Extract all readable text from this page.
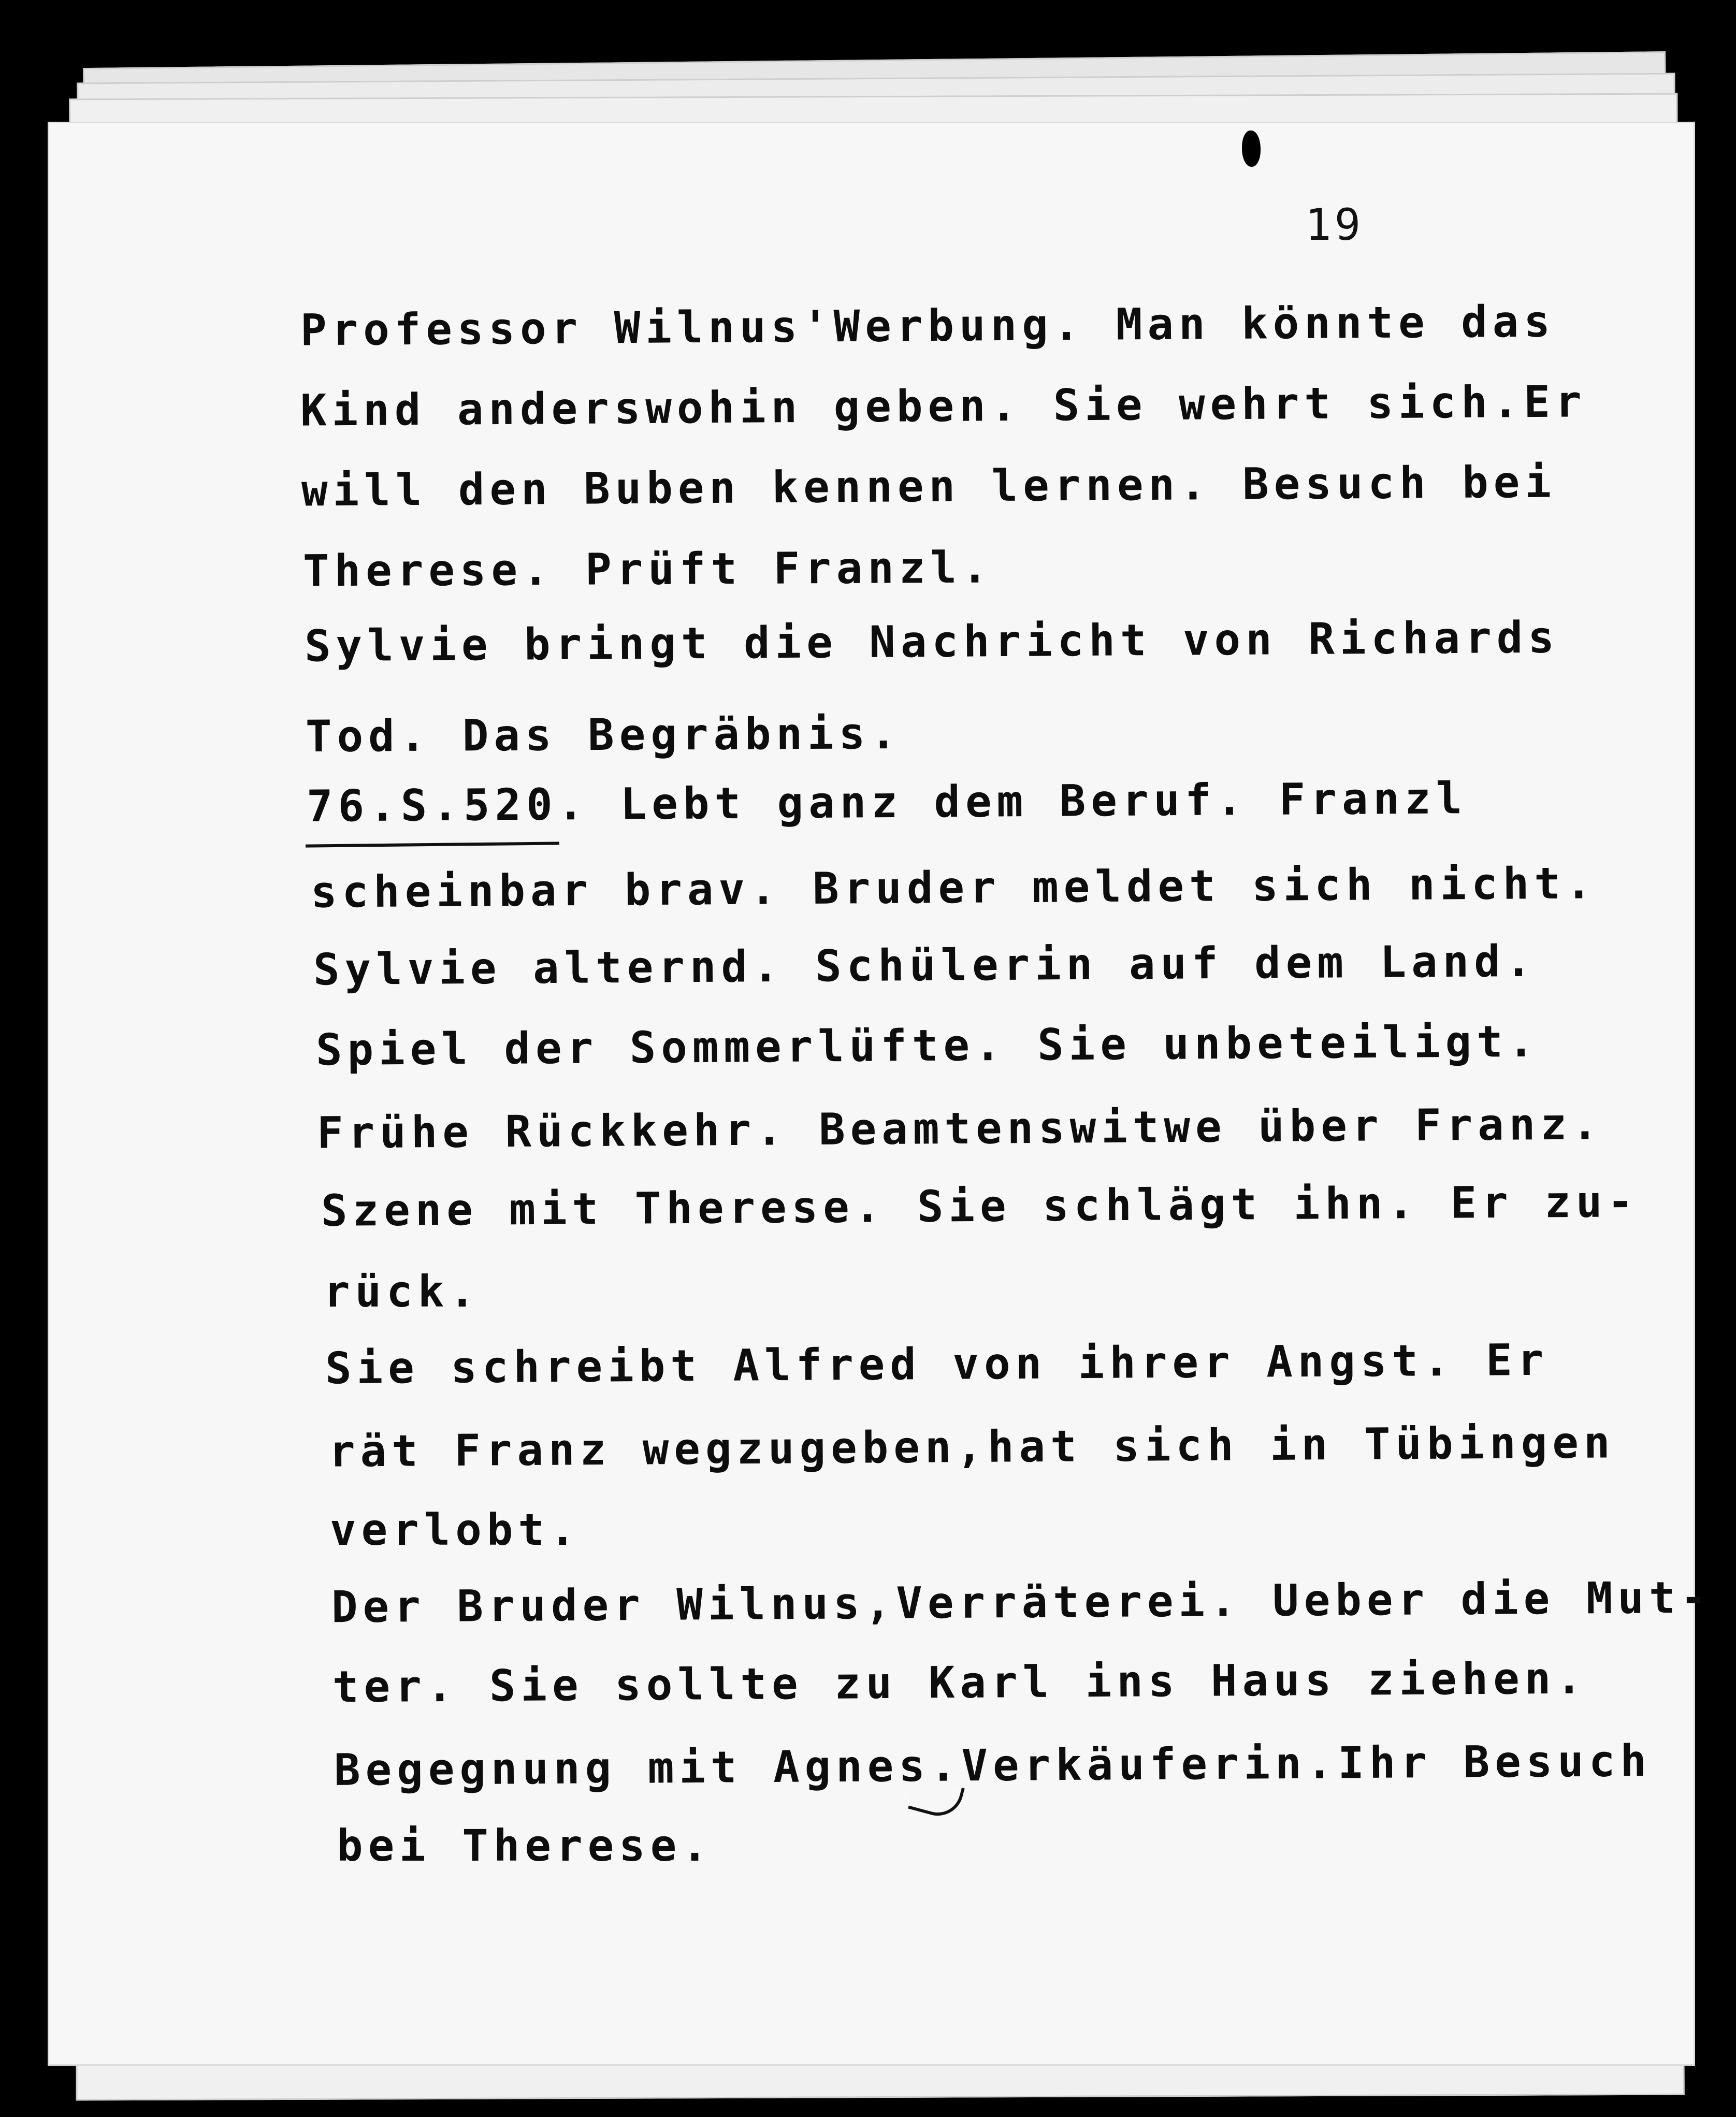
19
Professor Wilnus'Werbung. Man könnte das
Kind anderswohin geben. Sie wehrt sich.Er
will den Buben kennen lernen. Besuch bei
Therese. Prüft Franzl.
Sylvie bringt die Nachricht von Richards
Tod. Das Begräbnis.
76.S.520. Lebt ganz dem Beruf. Franzl
scheinbar brav. Bruder meldet sich nicht.
Sylvie alternd. Schülerin auf dem Land.
Spiel der Sommerlüfte. Sie unbeteiligt.
Frühe Rückkehr. Beamtenswitwe über Franz.
Szene mit Therese. Sie schlägt ihn. Er zu-
rück.
Sie schreibt Alfred von ihrer Angst. Er
rät Franz wegzugeben,hat sich in Tübingen
verlobt.
Der Bruder Wilnus,Verräterei. Ueber die Mut-
ter. Sie sollte zu Karl ins Haus ziehen.
Begegnung mit Agnes.Verkäuferin.Ihr Besuch
bei Therese.
